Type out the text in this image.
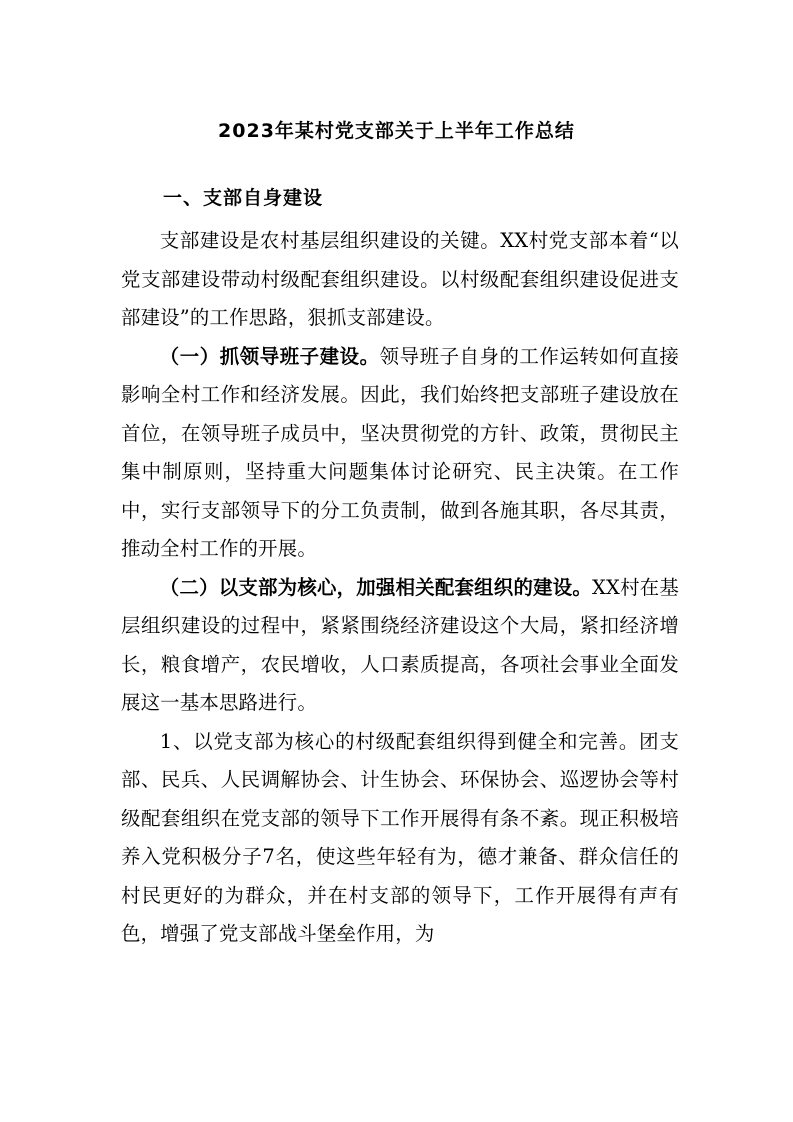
2023年某村党支部关于上半年工作总结
一、支部自身建设

支部建设是农村基层组织建设的关键。XX村党支部本着“以党支部建设带动村级配套组织建设。以村级配套组织建设促进支部建设”的工作思路，狠抓支部建设。

（一）抓领导班子建设。领导班子自身的工作运转如何直接影响全村工作和经济发展。因此，我们始终把支部班子建设放在首位，在领导班子成员中，坚决贯彻党的方针、政策，贯彻民主集中制原则，坚持重大问题集体讨论研究、民主决策。在工作中，实行支部领导下的分工负责制，做到各施其职，各尽其责，推动全村工作的开展。

（二）以支部为核心，加强相关配套组织的建设。XX村在基层组织建设的过程中，紧紧围绕经济建设这个大局，紧扣经济增长，粮食增产，农民增收，人口素质提高，各项社会事业全面发展这一基本思路进行。

1、以党支部为核心的村级配套组织得到健全和完善。团支部、民兵、人民调解协会、计生协会、环保协会、巡逻协会等村级配套组织在党支部的领导下工作开展得有条不紊。现正积极培养入党积极分子7名，使这些年轻有为，德才兼备、群众信任的村民更好的为群众，并在村支部的领导下，工作开展得有声有色，增强了党支部战斗堡垒作用，为
